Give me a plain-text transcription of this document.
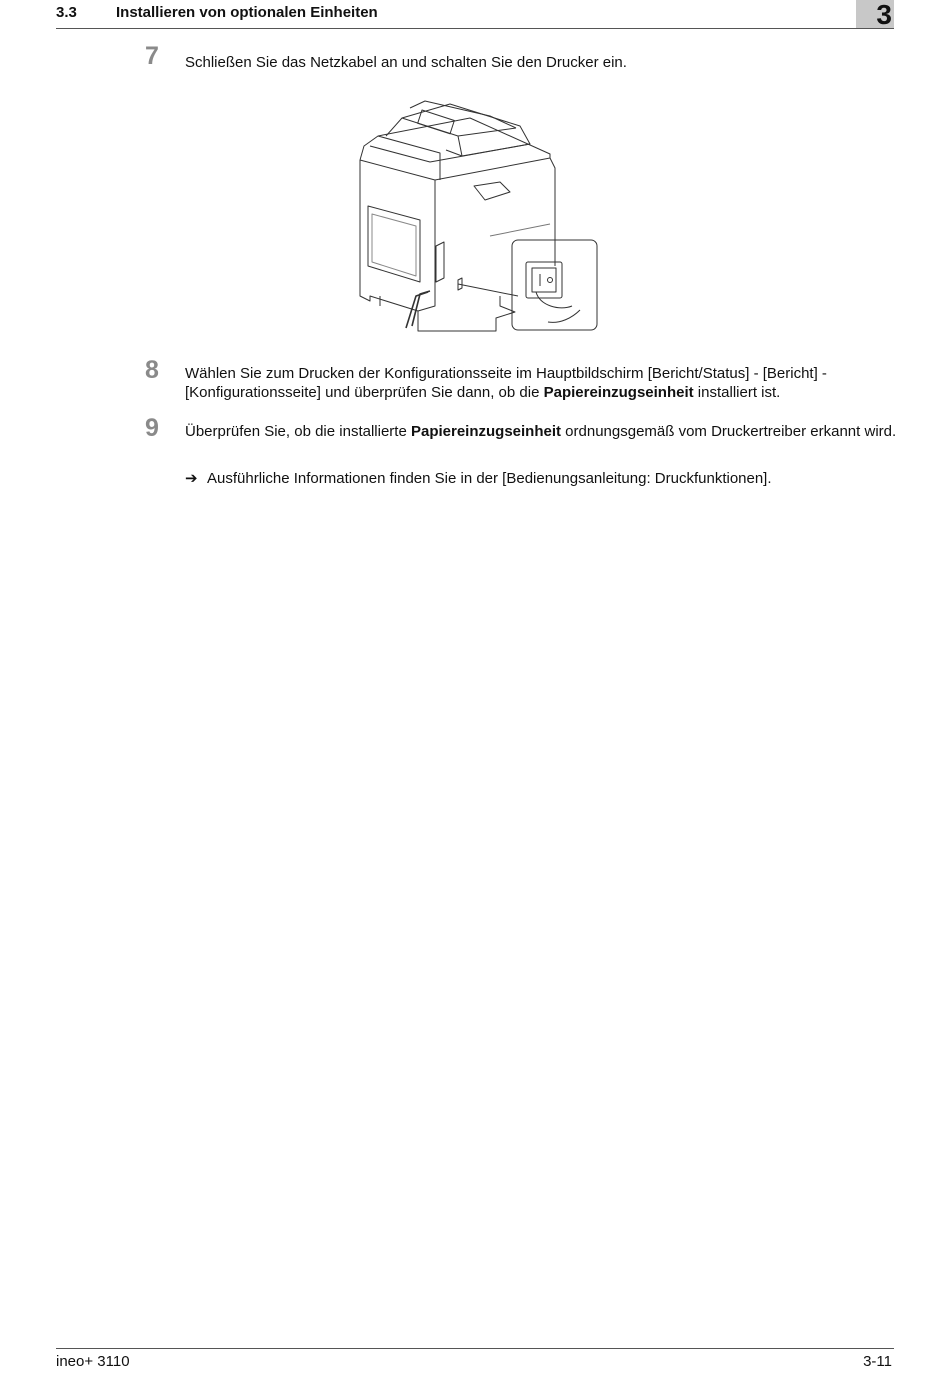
3.3	Installieren von optionalen Einheiten	3
7 Schließen Sie das Netzkabel an und schalten Sie den Drucker ein.
8 Wählen Sie zum Drucken der Konfigurationsseite im Hauptbildschirm [Bericht/Status] - [Bericht] - [Konfigurationsseite] und überprüfen Sie dann, ob die Papiereinzugseinheit installiert ist.
9 Überprüfen Sie, ob die installierte Papiereinzugseinheit ordnungsgemäß vom Druckertreiber erkannt wird.
➔ Ausführliche Informationen finden Sie in der [Bedienungsanleitung: Druckfunktionen].
ineo+ 3110	3-11
